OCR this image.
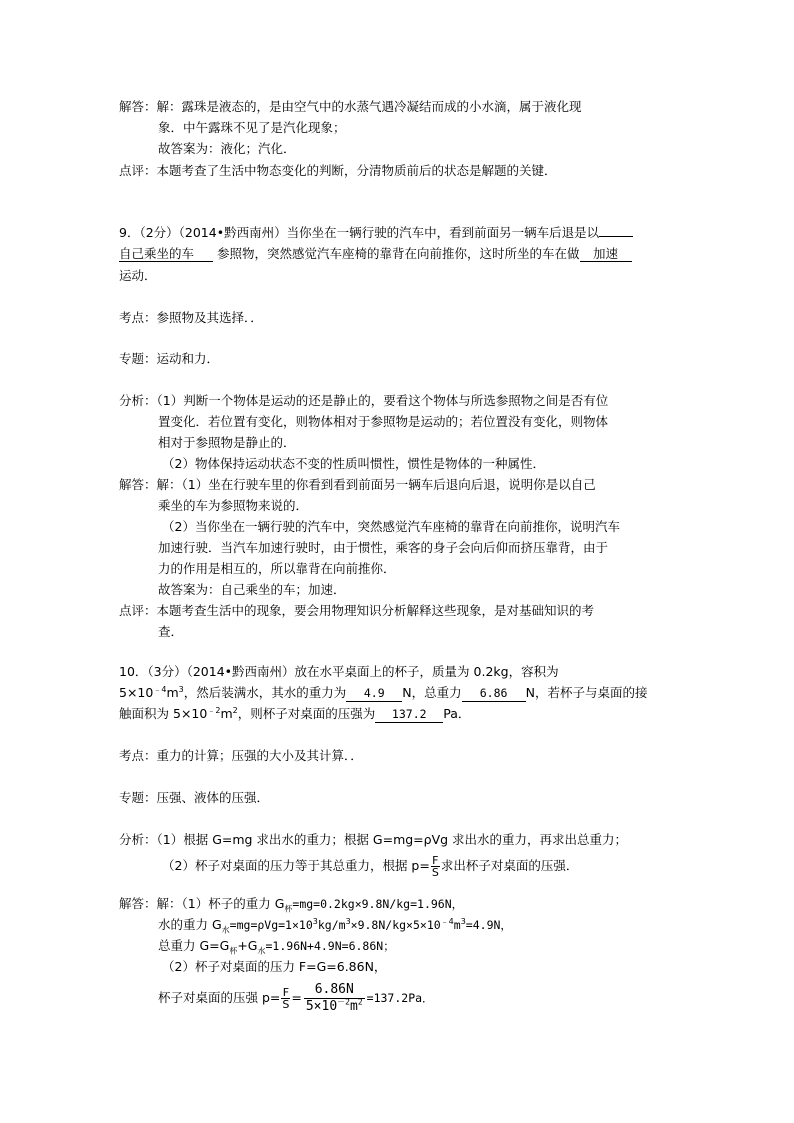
解答：解：露珠是液态的，是由空气中的水蒸气遇冷凝结而成的小水滴，属于液化现
象．中午露珠不见了是汽化现象；
故答案为：液化；汽化．
点评：本题考查了生活中物态变化的判断，分清物质前后的状态是解题的关键．
9．（2分）（2014•黔西南州）当你坐在一辆行驶的汽车中，看到前面另一辆车后退是以
自己乘坐的车 参照物，突然感觉汽车座椅的靠背在向前推你，这时所坐的车在做 加速
运动．
考点：参照物及其选择．．
专题：运动和力．
分析：（1）判断一个物体是运动的还是静止的，要看这个物体与所选参照物之间是否有位
置变化．若位置有变化，则物体相对于参照物是运动的；若位置没有变化，则物体
相对于参照物是静止的．
（2）物体保持运动状态不变的性质叫惯性，惯性是物体的一种属性．
解答：解：（1）坐在行驶车里的你看到看到前面另一辆车后退向后退，说明你是以自己
乘坐的车为参照物来说的．
（2）当你坐在一辆行驶的汽车中，突然感觉汽车座椅的靠背在向前推你，说明汽车
加速行驶．当汽车加速行驶时，由于惯性，乘客的身子会向后仰而挤压靠背，由于
力的作用是相互的，所以靠背在向前推你．
故答案为：自己乘坐的车；加速．
点评：本题考查生活中的现象，要会用物理知识分析解释这些现象，是对基础知识的考
查．
10．（3分）（2014•黔西南州）放在水平桌面上的杯子，质量为 0.2kg，容积为
$5\times 10^{﹣4}m^3$，然后装满水，其水的重力为 4.9 N，总重力 6.86 N，若杯子与桌面的接
触面积为 $5\times 10^{﹣2}m^2$，则杯子对桌面的压强为 137.2 Pa．
考点：重力的计算；压强的大小及其计算．．
专题：压强、液体的压强．
分析：（1）根据 G=mg 求出水的重力；根据 G=mg=ρVg 求出水的重力，再求出总重力；
（2）杯子对桌面的压力等于其总重力，根据 $p= \frac{F}{S}$ 求出杯子对桌面的压强．
解答：解：（1）杯子的重力 $G_杯=mg=0.2kg\times 9.8N/kg=1.96N$，
水的重力 $G_水=mg=\rho Vg=1\times 10^3kg/m^3\times 9.8N/kg\times 5\times 10^{﹣4}m^3=4.9N$，
总重力 $G=G_杯+G_水=1.96N+4.9N=6.86N$；
（2）杯子对桌面的压力 F=G=6.86N，
杯子对桌面的压强 $p= \frac{F}{S} = \frac{6.86N}{5\times 10^{-2}m^2} =137.2Pa$．
